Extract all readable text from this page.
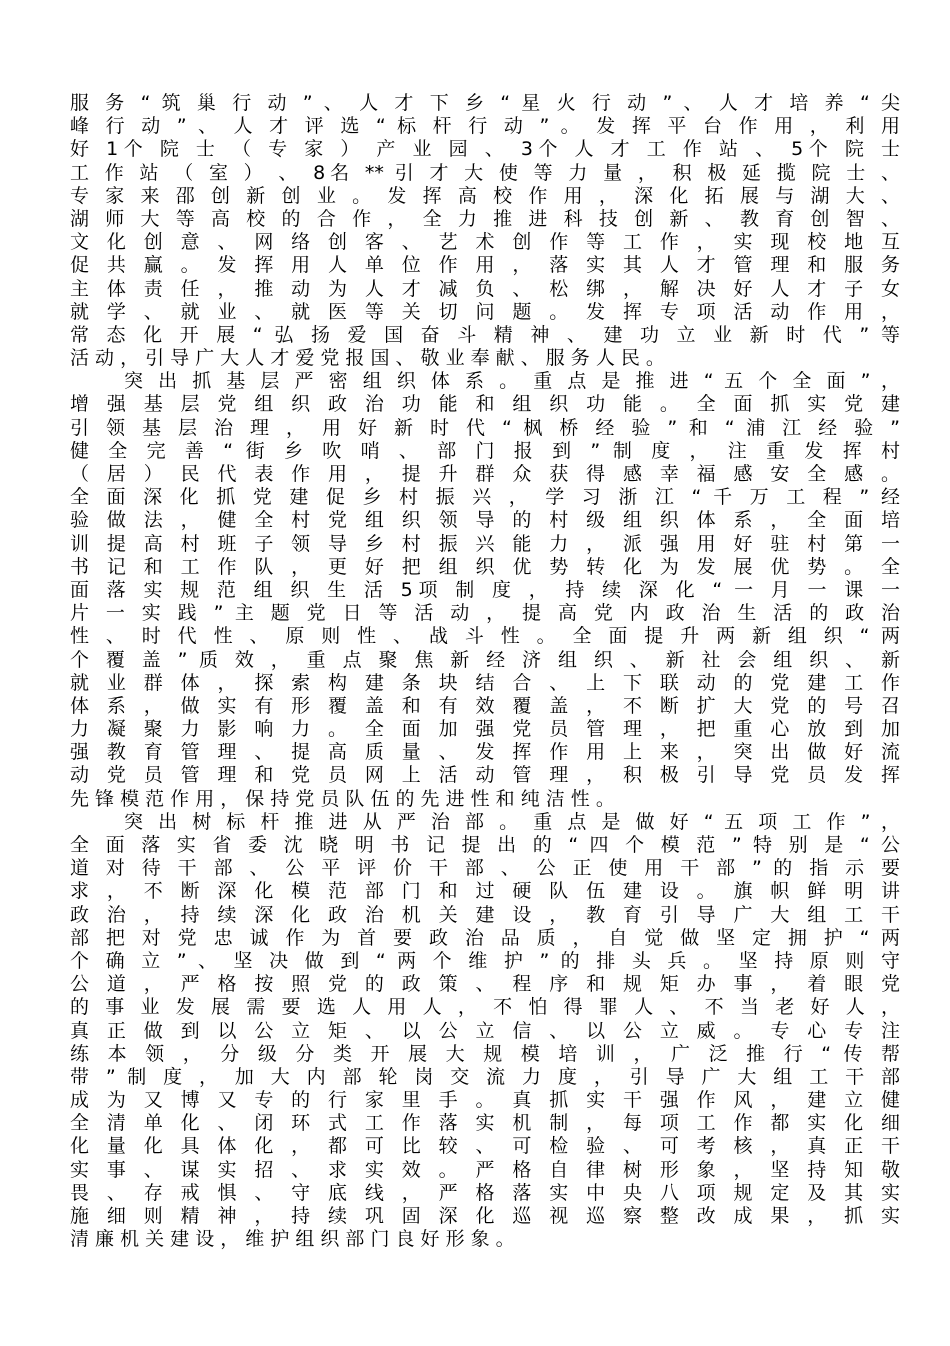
服 务 “ 筑 巢 行 动 ” 、 人 才 下 乡 “ 星 火 行 动 ” 、 人 才 培 养 “ 尖
峰 行 动 ” 、 人 才 评 选 “ 标 杆 行 动 ” 。 发 挥 平 台 作 用 ， 利 用
好 1个 院 士 （ 专 家 ） 产 业 园 、 3个 人 才 工 作 站 、 5个 院 士
工 作 站 （ 室 ） 、 8名 ** 引 才 大 使 等 力 量 ， 积 极 延 揽 院 士 、
专 家 来 邵 创 新 创 业 。 发 挥 高 校 作 用 ， 深 化 拓 展 与 湖 大 、
湖 师 大 等 高 校 的 合 作 ， 全 力 推 进 科 技 创 新 、 教 育 创 智 、
文 化 创 意 、 网 络 创 客 、 艺 术 创 作 等 工 作 ， 实 现 校 地 互
促 共 赢 。 发 挥 用 人 单 位 作 用 ， 落 实 其 人 才 管 理 和 服 务
主 体 责 任 ， 推 动 为 人 才 减 负 、 松 绑 ， 解 决 好 人 才 子 女
就 学 、 就 业 、 就 医 等 关 切 问 题 。 发 挥 专 项 活 动 作 用 ，
常 态 化 开 展 “ 弘 扬 爱 国 奋 斗 精 神 、 建 功 立 业 新 时 代 ” 等
活 动 ， 引 导 广 大 人 才 爱 党 报 国 、 敬 业 奉 献 、 服 务 人 民 。
突 出 抓 基 层 严 密 组 织 体 系 。 重 点 是 推 进 “ 五 个 全 面 ” ，
增 强 基 层 党 组 织 政 治 功 能 和 组 织 功 能 。 全 面 抓 实 党 建
引 领 基 层 治 理 ， 用 好 新 时 代 “ 枫 桥 经 验 ” 和 “ 浦 江 经 验 ”
健 全 完 善 “ 街 乡 吹 哨 、 部 门 报 到 ” 制 度 ， 注 重 发 挥 村
（ 居 ） 民 代 表 作 用 ， 提 升 群 众 获 得 感 幸 福 感 安 全 感 。
全 面 深 化 抓 党 建 促 乡 村 振 兴 ， 学 习 浙 江 “ 千 万 工 程 ” 经
验 做 法 ， 健 全 村 党 组 织 领 导 的 村 级 组 织 体 系 ， 全 面 培
训 提 高 村 班 子 领 导 乡 村 振 兴 能 力 ， 派 强 用 好 驻 村 第 一
书 记 和 工 作 队 ， 更 好 把 组 织 优 势 转 化 为 发 展 优 势 。 全
面 落 实 规 范 组 织 生 活 5项 制 度 ， 持 续 深 化 “ 一 月 一 课 一
片 一 实 践 ” 主 题 党 日 等 活 动 ， 提 高 党 内 政 治 生 活 的 政 治
性 、 时 代 性 、 原 则 性 、 战 斗 性 。 全 面 提 升 两 新 组 织 “ 两
个 覆 盖 ” 质 效 ， 重 点 聚 焦 新 经 济 组 织 、 新 社 会 组 织 、 新
就 业 群 体 ， 探 索 构 建 条 块 结 合 、 上 下 联 动 的 党 建 工 作
体 系 ， 做 实 有 形 覆 盖 和 有 效 覆 盖 ， 不 断 扩 大 党 的 号 召
力 凝 聚 力 影 响 力 。 全 面 加 强 党 员 管 理 ， 把 重 心 放 到 加
强 教 育 管 理 、 提 高 质 量 、 发 挥 作 用 上 来 ， 突 出 做 好 流
动 党 员 管 理 和 党 员 网 上 活 动 管 理 ， 积 极 引 导 党 员 发 挥
先 锋 模 范 作 用 ， 保 持 党 员 队 伍 的 先 进 性 和 纯 洁 性 。
突 出 树 标 杆 推 进 从 严 治 部 。 重 点 是 做 好 “ 五 项 工 作 ” ，
全 面 落 实 省 委 沈 晓 明 书 记 提 出 的 “ 四 个 模 范 ” 特 别 是 “ 公
道 对 待 干 部 、 公 平 评 价 干 部 、 公 正 使 用 干 部 ” 的 指 示 要
求 ， 不 断 深 化 模 范 部 门 和 过 硬 队 伍 建 设 。 旗 帜 鲜 明 讲
政 治 ， 持 续 深 化 政 治 机 关 建 设 ， 教 育 引 导 广 大 组 工 干
部 把 对 党 忠 诚 作 为 首 要 政 治 品 质 ， 自 觉 做 坚 定 拥 护 “ 两
个 确 立 ” 、 坚 决 做 到 “ 两 个 维 护 ” 的 排 头 兵 。 坚 持 原 则 守
公 道 ， 严 格 按 照 党 的 政 策 、 程 序 和 规 矩 办 事 ， 着 眼 党
的 事 业 发 展 需 要 选 人 用 人 ， 不 怕 得 罪 人 、 不 当 老 好 人 ，
真 正 做 到 以 公 立 矩 、 以 公 立 信 、 以 公 立 威 。 专 心 专 注
练 本 领 ， 分 级 分 类 开 展 大 规 模 培 训 ， 广 泛 推 行 “ 传 帮
带 ” 制 度 ， 加 大 内 部 轮 岗 交 流 力 度 ， 引 导 广 大 组 工 干 部
成 为 又 博 又 专 的 行 家 里 手 。 真 抓 实 干 强 作 风 ， 建 立 健
全 清 单 化 、 闭 环 式 工 作 落 实 机 制 ， 每 项 工 作 都 实 化 细
化 量 化 具 体 化 ， 都 可 比 较 、 可 检 验 、 可 考 核 ， 真 正 干
实 事 、 谋 实 招 、 求 实 效 。 严 格 自 律 树 形 象 ， 坚 持 知 敬
畏 、 存 戒 惧 、 守 底 线 ， 严 格 落 实 中 央 八 项 规 定 及 其 实
施 细 则 精 神 ， 持 续 巩 固 深 化 巡 视 巡 察 整 改 成 果 ， 抓 实
清 廉 机 关 建 设 ， 维 护 组 织 部 门 良 好 形 象 。
